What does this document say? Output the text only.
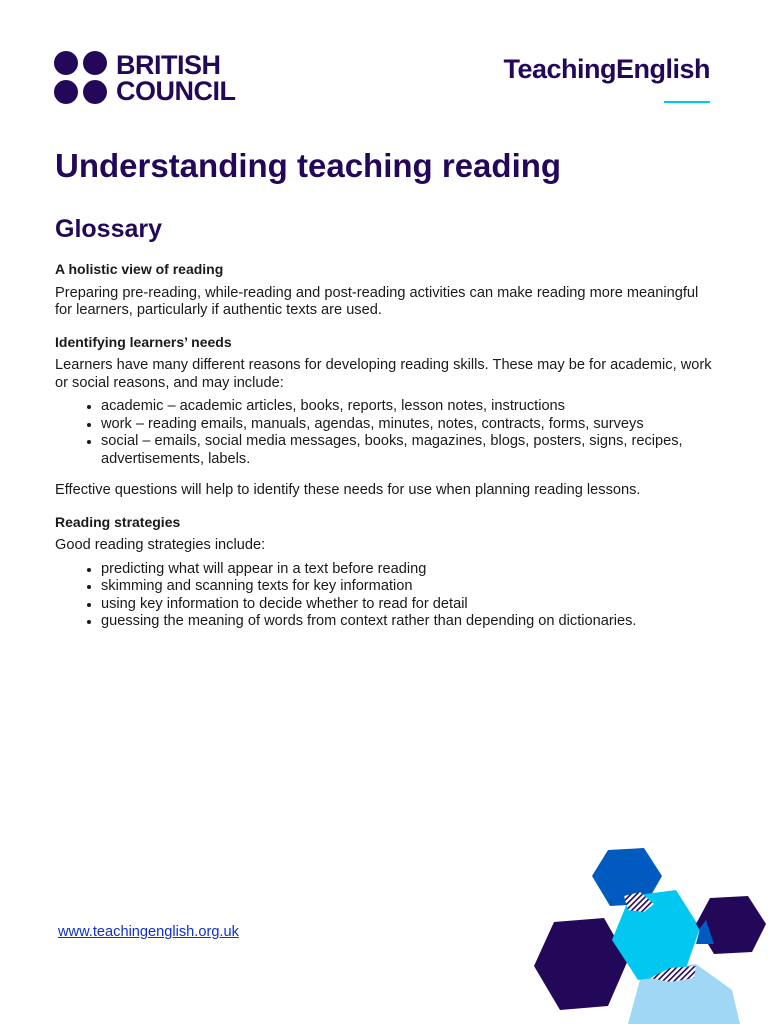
BRITISH
COUNCIL
TeachingEnglish
Understanding teaching reading
Glossary
A holistic view of reading

Preparing pre-reading, while-reading and post-reading activities can make reading more meaningful for learners, particularly if authentic texts are used.

Identifying learners’ needs

Learners have many different reasons for developing reading skills. These may be for academic, work or social reasons, and may include:

• academic – academic articles, books, reports, lesson notes, instructions
• work – reading emails, manuals, agendas, minutes, notes, contracts, forms, surveys
• social – emails, social media messages, books, magazines, blogs, posters, signs, recipes, advertisements, labels.

Effective questions will help to identify these needs for use when planning reading lessons.

Reading strategies

Good reading strategies include:

• predicting what will appear in a text before reading
• skimming and scanning texts for key information
• using key information to decide whether to read for detail
• guessing the meaning of words from context rather than depending on dictionaries.
www.teachingenglish.org.uk
